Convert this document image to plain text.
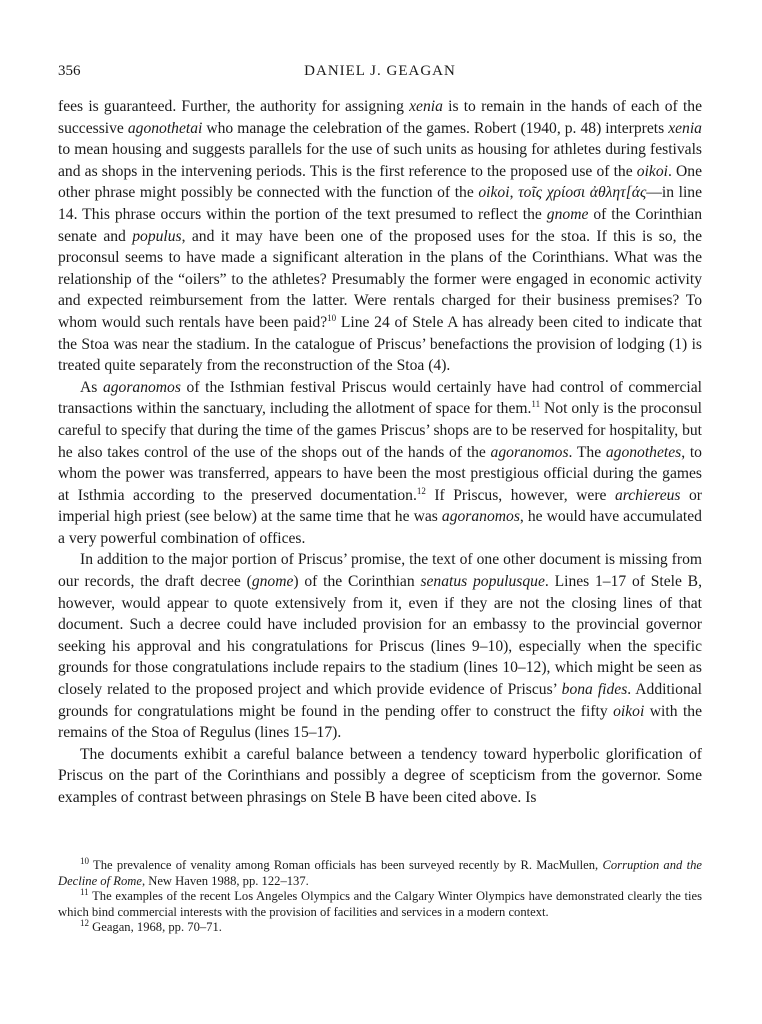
356	DANIEL J. GEAGAN

fees is guaranteed. Further, the authority for assigning xenia is to remain in the hands of each of the successive agonothetai who manage the celebration of the games. Robert (1940, p. 48) interprets xenia to mean housing and suggests parallels for the use of such units as housing for athletes during festivals and as shops in the intervening periods. This is the first reference to the proposed use of the oikoi. One other phrase might possibly be connected with the function of the oikoi, τοῖς χρίοσι ἀθλητ[άς—in line 14. This phrase occurs within the portion of the text presumed to reflect the gnome of the Corinthian senate and populus, and it may have been one of the proposed uses for the stoa. If this is so, the proconsul seems to have made a significant alteration in the plans of the Corinthians. What was the relationship of the “oilers” to the athletes? Presumably the former were engaged in economic activity and expected reimbursement from the latter. Were rentals charged for their business premises? To whom would such rentals have been paid?$^{10}$ Line 24 of Stele A has already been cited to indicate that the Stoa was near the stadium. In the catalogue of Priscus’ benefactions the provision of lodging (1) is treated quite separately from the reconstruction of the Stoa (4).

As agoranomos of the Isthmian festival Priscus would certainly have had control of commercial transactions within the sanctuary, including the allotment of space for them.$^{11}$ Not only is the proconsul careful to specify that during the time of the games Priscus’ shops are to be reserved for hospitality, but he also takes control of the use of the shops out of the hands of the agoranomos. The agonothetes, to whom the power was transferred, appears to have been the most prestigious official during the games at Isthmia according to the preserved documentation.$^{12}$ If Priscus, however, were archiereus or imperial high priest (see below) at the same time that he was agoranomos, he would have accumulated a very powerful combination of offices.

In addition to the major portion of Priscus’ promise, the text of one other document is missing from our records, the draft decree (gnome) of the Corinthian senatus populusque. Lines 1–17 of Stele B, however, would appear to quote extensively from it, even if they are not the closing lines of that document. Such a decree could have included provision for an embassy to the provincial governor seeking his approval and his congratulations for Priscus (lines 9–10), especially when the specific grounds for those congratulations include repairs to the stadium (lines 10–12), which might be seen as closely related to the proposed project and which provide evidence of Priscus’ bona fides. Additional grounds for congratulations might be found in the pending offer to construct the fifty oikoi with the remains of the Stoa of Regulus (lines 15–17).

The documents exhibit a careful balance between a tendency toward hyperbolic glorification of Priscus on the part of the Corinthians and possibly a degree of scepticism from the governor. Some examples of contrast between phrasings on Stele B have been cited above. Is

$^{10}$ The prevalence of venality among Roman officials has been surveyed recently by R. MacMullen, Corruption and the Decline of Rome, New Haven 1988, pp. 122–137.

$^{11}$ The examples of the recent Los Angeles Olympics and the Calgary Winter Olympics have demonstrated clearly the ties which bind commercial interests with the provision of facilities and services in a modern context.

$^{12}$ Geagan, 1968, pp. 70–71.
